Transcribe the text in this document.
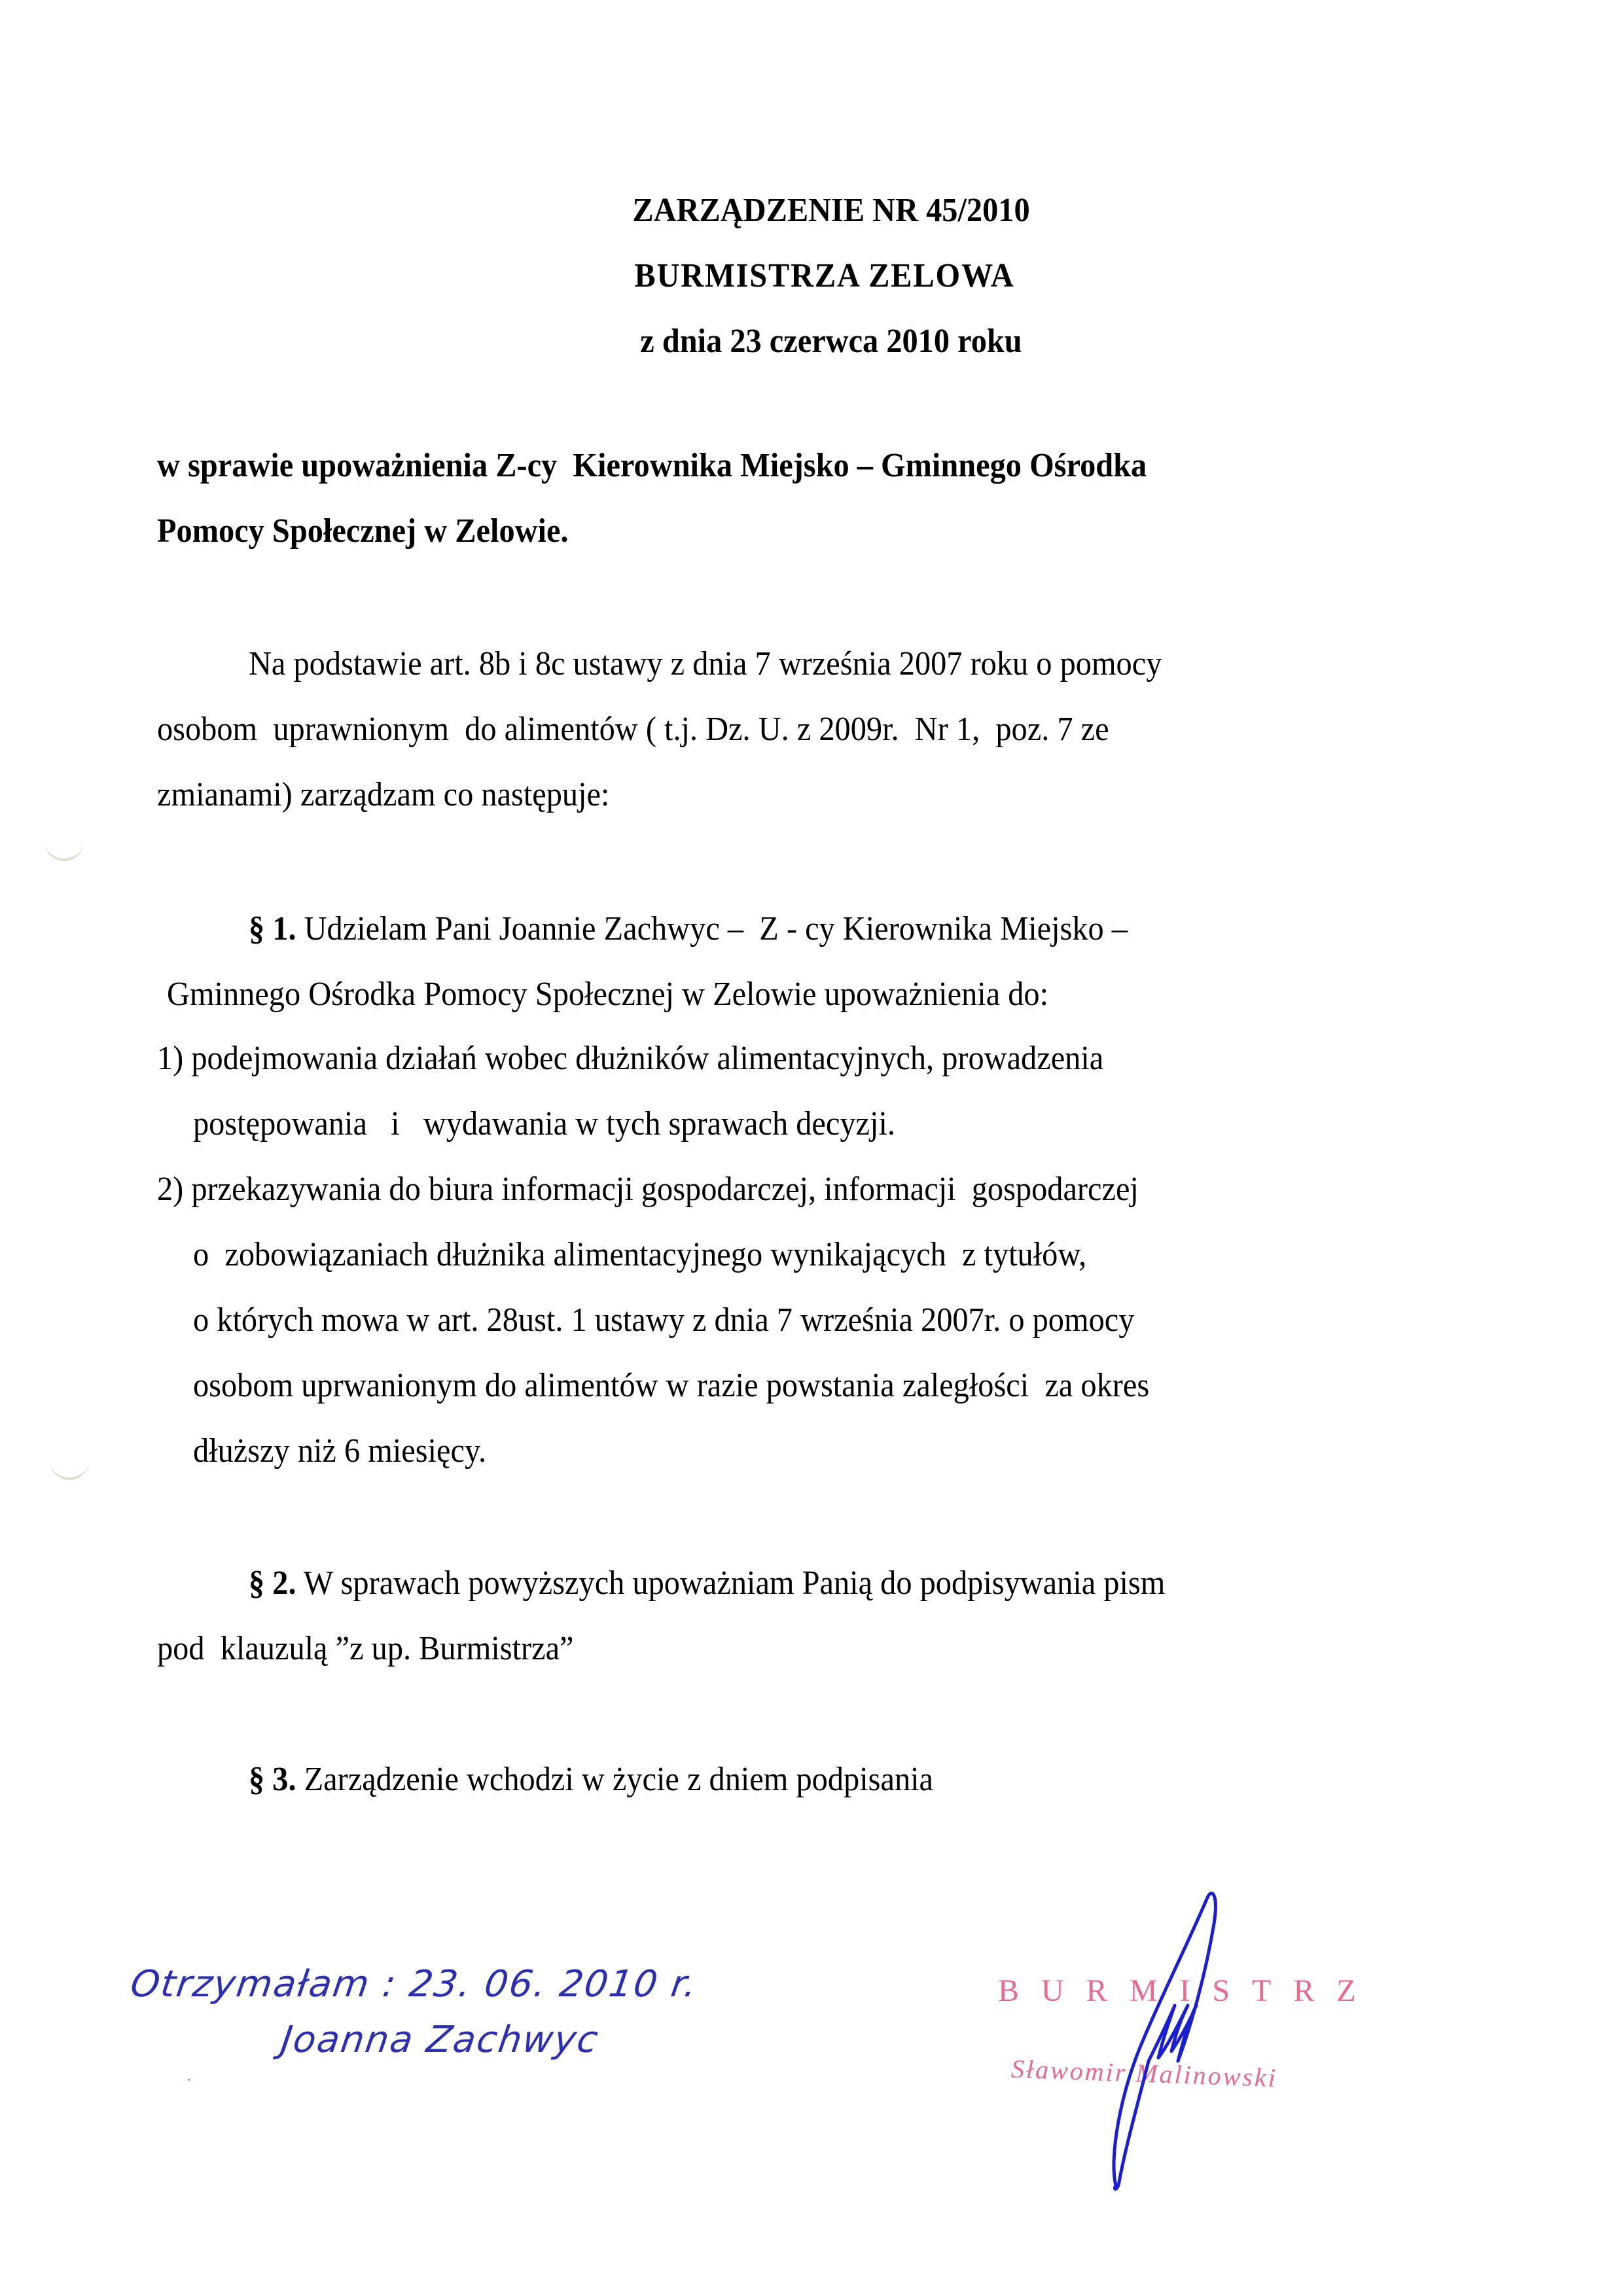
ZARZĄDZENIE NR 45/2010
BURMISTRZA ZELOWA
z dnia 23 czerwca 2010 roku
w sprawie upoważnienia Z-cy  Kierownika Miejsko – Gminnego Ośrodka
Pomocy Społecznej w Zelowie.
Na podstawie art. 8b i 8c ustawy z dnia 7 września 2007 roku o pomocy
osobom  uprawnionym  do alimentów ( t.j. Dz. U. z 2009r.  Nr 1,  poz. 7 ze
zmianami) zarządzam co następuje:
§ 1. Udzielam Pani Joannie Zachwyc –  Z - cy Kierownika Miejsko –
Gminnego Ośrodka Pomocy Społecznej w Zelowie upoważnienia do:
1) podejmowania działań wobec dłużników alimentacyjnych, prowadzenia
postępowania   i   wydawania w tych sprawach decyzji.
2) przekazywania do biura informacji gospodarczej, informacji  gospodarczej
o  zobowiązaniach dłużnika alimentacyjnego wynikających  z tytułów,
o których mowa w art. 28ust. 1 ustawy z dnia 7 września 2007r. o pomocy
osobom uprwanionym do alimentów w razie powstania zaległości  za okres
dłuższy niż 6 miesięcy.
§ 2. W sprawach powyższych upoważniam Panią do podpisywania pism
pod  klauzulą ”z up. Burmistrza”
§ 3. Zarządzenie wchodzi w życie z dniem podpisania
Otrzymałam : 23. 06. 2010 r.
Joanna Zachwyc
BURMISTRZ
Sławomir Malinowski
